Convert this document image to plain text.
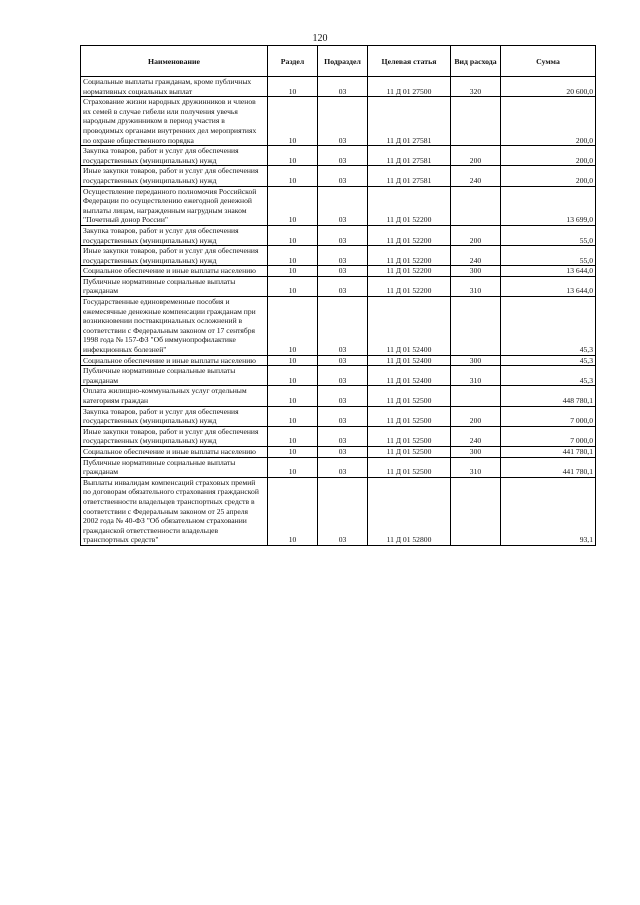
120
Наименование	Раздел	Подраздел	Целевая статья	Вид расхода	Сумма
Социальные выплаты гражданам, кроме публичных нормативных социальных выплат	10	03	11 Д 01 27500	320	20 600,0
Страхование жизни народных дружинников и членов их семей в случае гибели или получения увечья народным дружинником в период участия в проводимых органами внутренних дел мероприятиях по охране общественного порядка	10	03	11 Д 01 27581		200,0
Закупка товаров, работ и услуг для обеспечения государственных (муниципальных) нужд	10	03	11 Д 01 27581	200	200,0
Иные закупки товаров, работ и услуг для обеспечения государственных (муниципальных) нужд	10	03	11 Д 01 27581	240	200,0
Осуществление переданного полномочия Российской Федерации по осуществлению ежегодной денежной выплаты лицам, награжденным нагрудным знаком "Почетный донор России"	10	03	11 Д 01 52200		13 699,0
Закупка товаров, работ и услуг для обеспечения государственных (муниципальных) нужд	10	03	11 Д 01 52200	200	55,0
Иные закупки товаров, работ и услуг для обеспечения государственных (муниципальных) нужд	10	03	11 Д 01 52200	240	55,0
Социальное обеспечение и иные выплаты населению	10	03	11 Д 01 52200	300	13 644,0
Публичные нормативные социальные выплаты гражданам	10	03	11 Д 01 52200	310	13 644,0
Государственные единовременные пособия и ежемесячные денежные компенсации гражданам при возникновении поствакцинальных осложнений в соответствии с Федеральным законом от 17 сентября 1998 года № 157-ФЗ "Об иммунопрофилактике инфекционных болезней"	10	03	11 Д 01 52400		45,3
Социальное обеспечение и иные выплаты населению	10	03	11 Д 01 52400	300	45,3
Публичные нормативные социальные выплаты гражданам	10	03	11 Д 01 52400	310	45,3
Оплата жилищно-коммунальных услуг отдельным категориям граждан	10	03	11 Д 01 52500		448 780,1
Закупка товаров, работ и услуг для обеспечения государственных (муниципальных) нужд	10	03	11 Д 01 52500	200	7 000,0
Иные закупки товаров, работ и услуг для обеспечения государственных (муниципальных) нужд	10	03	11 Д 01 52500	240	7 000,0
Социальное обеспечение и иные выплаты населению	10	03	11 Д 01 52500	300	441 780,1
Публичные нормативные социальные выплаты гражданам	10	03	11 Д 01 52500	310	441 780,1
Выплаты инвалидам компенсаций страховых премий по договорам обязательного страхования гражданской ответственности владельцев транспортных средств в соответствии с Федеральным законом от 25 апреля 2002 года № 40-ФЗ "Об обязательном страховании гражданской ответственности владельцев транспортных средств"	10	03	11 Д 01 52800		93,1
